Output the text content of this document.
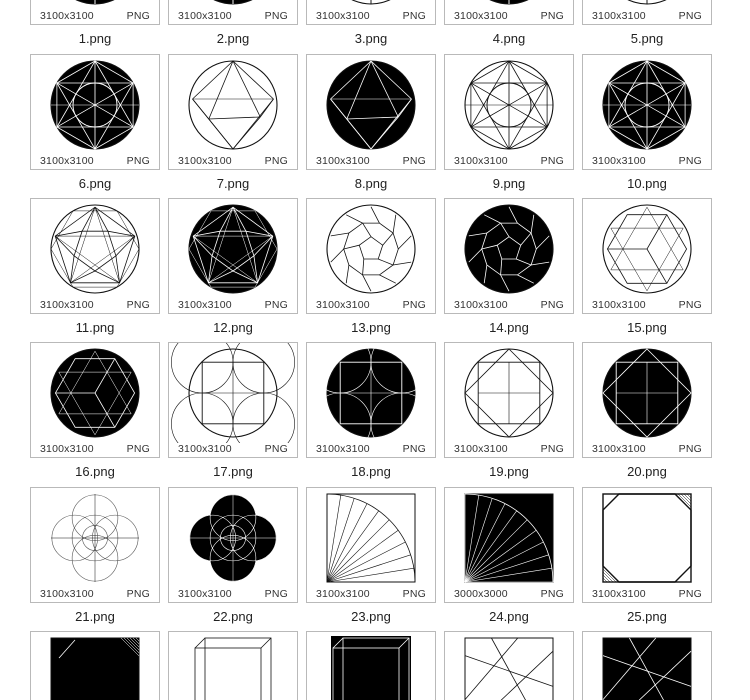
3100x3100	PNG
1.png
3100x3100	PNG
2.png
3100x3100	PNG
3.png
3100x3100	PNG
4.png
3100x3100	PNG
5.png
3100x3100	PNG
6.png
3100x3100	PNG
7.png
3100x3100	PNG
8.png
3100x3100	PNG
9.png
3100x3100	PNG
10.png
3100x3100	PNG
11.png
3100x3100	PNG
12.png
3100x3100	PNG
13.png
3100x3100	PNG
14.png
3100x3100	PNG
15.png
3100x3100	PNG
16.png
3100x3100	PNG
17.png
3100x3100	PNG
18.png
3100x3100	PNG
19.png
3100x3100	PNG
20.png
3100x3100	PNG
21.png
3100x3100	PNG
22.png
3100x3100	PNG
23.png
3000x3000	PNG
24.png
3100x3100	PNG
25.png
